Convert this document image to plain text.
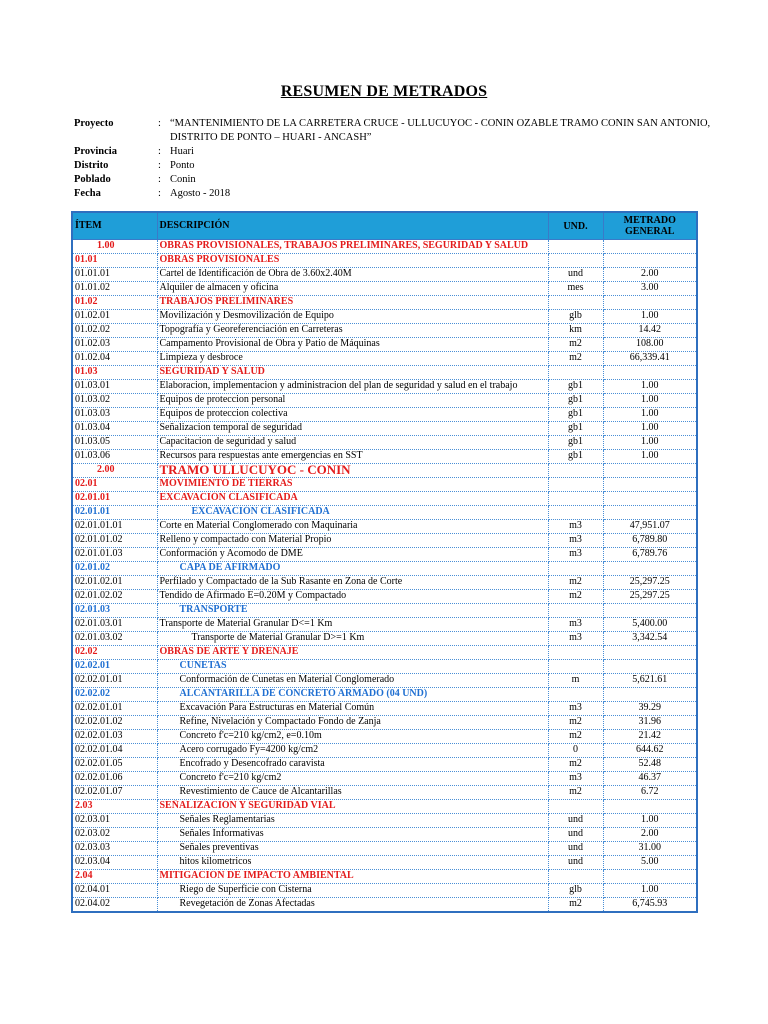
RESUMEN DE METRADOS
Proyecto	: “MANTENIMIENTO DE LA CARRETERA CRUCE - ULLUCUYOC - CONIN OZABLE TRAMO CONIN SAN ANTONIO, DISTRITO DE PONTO – HUARI - ANCASH”
Provincia	: Huari
Distrito	: Ponto
Poblado	: Conin
Fecha	: Agosto - 2018
ÍTEM	DESCRIPCIÓN	UND.	METRADO GENERAL
1.00	OBRAS PROVISIONALES, TRABAJOS PRELIMINARES, SEGURIDAD Y SALUD		
01.01	OBRAS PROVISIONALES		
01.01.01	Cartel de Identificación de Obra de 3.60x2.40M	und	2.00
01.01.02	Alquiler de almacen y oficina	mes	3.00
01.02	TRABAJOS PRELIMINARES		
01.02.01	Movilización y Desmovilización de Equipo	glb	1.00
01.02.02	Topografía y Georeferenciación en Carreteras	km	14.42
01.02.03	Campamento Provisional de Obra y Patio de Máquinas	m2	108.00
01.02.04	Limpieza y desbroce	m2	66,339.41
01.03	SEGURIDAD Y SALUD		
01.03.01	Elaboracion, implementacion y administracion del plan de seguridad y salud en el trabajo	gb1	1.00
01.03.02	Equipos de proteccion personal	gb1	1.00
01.03.03	Equipos de proteccion colectiva	gb1	1.00
01.03.04	Señalizacion temporal de seguridad	gb1	1.00
01.03.05	Capacitacion de seguridad y salud	gb1	1.00
01.03.06	Recursos para respuestas ante emergencias en SST	gb1	1.00
2.00	TRAMO ULLUCUYOC - CONIN		
02.01	MOVIMIENTO DE TIERRAS		
02.01.01	EXCAVACIÓN CLASIFICADA		
02.01.01	EXCAVACIÓN CLASIFICADA		
02.01.01.01	Corte en Material Conglomerado con Maquinaria	m3	47,951.07
02.01.01.02	Relleno y compactado con Material Propio	m3	6,789.80
02.01.01.03	Conformación y Acomodo de DME	m3	6,789.76
02.01.02	CAPA DE AFIRMADO		
02.01.02.01	Perfilado y Compactado de la Sub Rasante en Zona de Corte	m2	25,297.25
02.01.02.02	Tendido de Afirmado E=0.20M y Compactado	m2	25,297.25
02.01.03	TRANSPORTE		
02.01.03.01	Transporte de Material Granular D<=1 Km	m3	5,400.00
02.01.03.02	Transporte de Material Granular D>=1 Km	m3	3,342.54
02.02	OBRAS DE ARTE Y DRENAJE		
02.02.01	CUNETAS		
02.02.01.01	Conformación de Cunetas en Material Conglomerado	m	5,621.61
02.02.02	ALCANTARILLA DE CONCRETO ARMADO (04 UND)		
02.02.01.01	Excavación Para Estructuras en Material Común	m3	39.29
02.02.01.02	Refine, Nivelación y Compactado Fondo de Zanja	m2	31.96
02.02.01.03	Concreto f'c=210 kg/cm2, e=0.10m	m2	21.42
02.02.01.04	Acero corrugado Fy=4200 kg/cm2	0	644.62
02.02.01.05	Encofrado y Desencofrado caravista	m2	52.48
02.02.01.06	Concreto f'c=210 kg/cm2	m3	46.37
02.02.01.07	Revestimiento de Cauce de Alcantarillas	m2	6.72
2.03	SEÑALIZACIÓN Y SEGURIDAD VIAL		
02.03.01	Señales Reglamentarias	und	1.00
02.03.02	Señales Informativas	und	2.00
02.03.03	Señales preventivas	und	31.00
02.03.04	hitos kilometricos	und	5.00
2.04	MITIGACIÓN DE IMPACTO AMBIENTAL		
02.04.01	Riego de Superficie con Cisterna	glb	1.00
02.04.02	Revegetación de Zonas Afectadas	m2	6,745.93
